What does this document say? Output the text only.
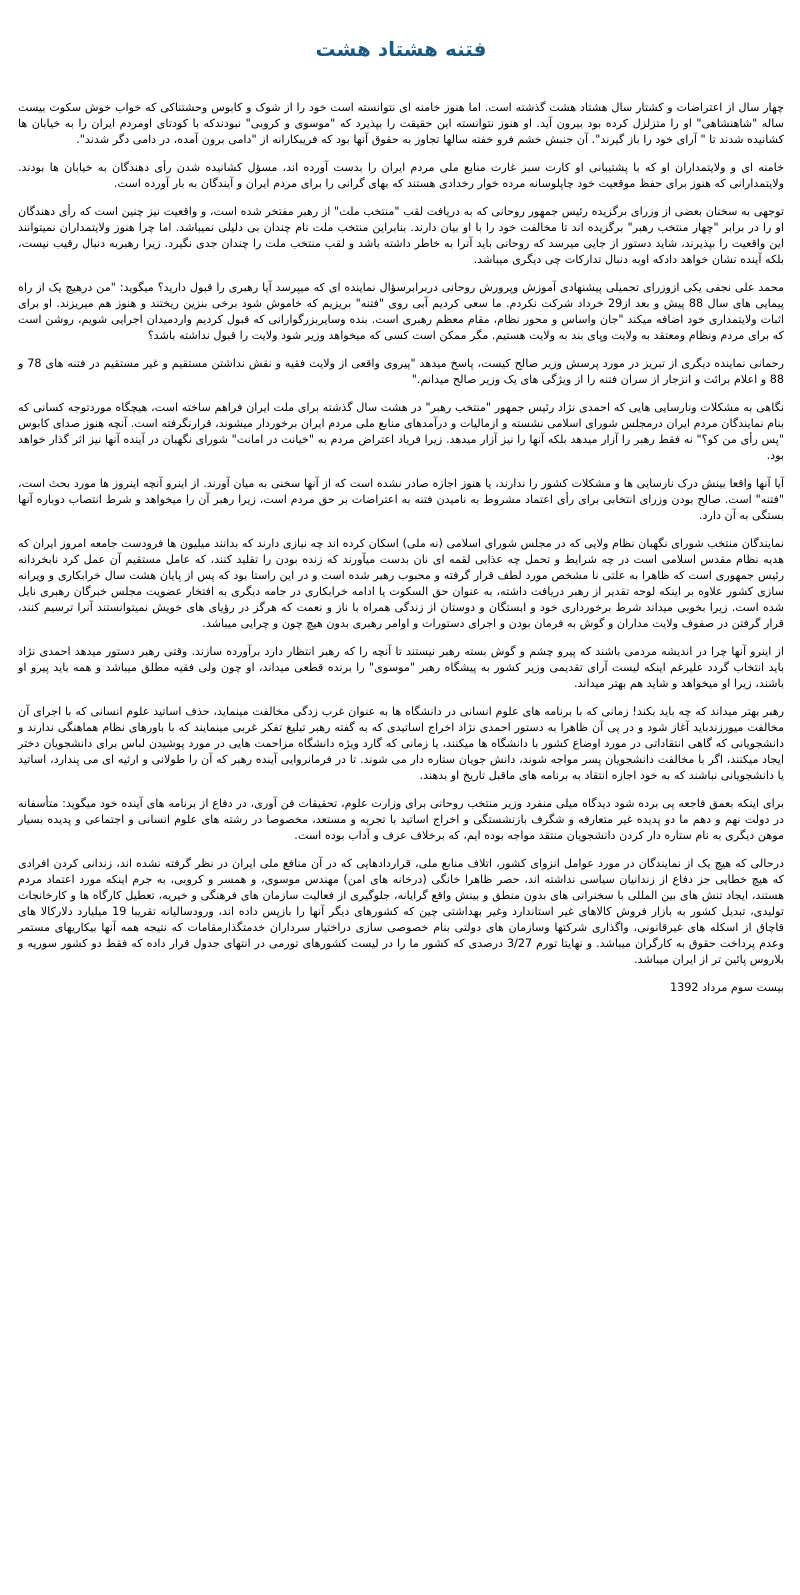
فتنه هشتاد هشت

چهار سال از اعتراضات و کشتار سال هشتاد هشت گذشته است. اما هنوز خامنه ای نتوانسته است خود را از شوک و کابوس وحشتناکی که خواب خوش سکوت بیست ساله "شاهنشاهی" او را متزلزل کرده بود بیرون آید. او هنوز نتوانسته این حقیقت را بپذیرد که "موسوی و کروبی" نبودندکه با کودتای اومردم ایران را به خیابان ها کشانیده شدند تا " آرای خود را باز گیرند". آن جنبش خشم فرو خفته سالها تجاوز به حقوق آنها بود که فریبکارانه از "دامی برون آمده، در دامی دگر شدند".

خامنه ای و ولایتمداران او که با پشتیبانی او کارت سبز غارت منابع ملی مردم ایران را بدست آورده اند، مسؤل کشانیده شدن رأی دهندگان به خیابان ها بودند. ولایتمدارانی که هنوز برای حفظ موقعیت خود چاپلوسانه مرده خوار رخدادی هستند که بهای گرانی را برای مردم ایران و آیندگان به بار آورده است.

توجهی به سخنان بعضی از وزرای برگزیده رئیس جمهور روحانی که به دریافت لقب "منتخب ملت" از رهبر مفتخر شده است، و واقعیت نیز چنین است که رأی دهندگان او را در برابر "چهار منتخب رهبر" برگزیده اند تا مخالفت خود را با او بیان دارند. بنابراین منتخب ملت نام چندان بی دلیلی نمیباشد. اما چرا هنوز ولایتمداران نمیتوانند این واقعیت را بپذیرند، شاید دستور از جایی میرسد که روحانی باید آنرا به خاطر داشته باشد و لقب منتخب ملت را چندان جدی نگیرد. زیرا رهبربه دنبال رقیب نیست، بلکه آینده نشان خواهد دادکه اوبه دنبال تدارکات چی دیگری میباشد.

محمد علی نجفی یکی ازوزرای تحمیلی پیشنهادی آموزش وپرورش روحانی دربرابرسؤال نماینده ای که میپرسد آیا رهبری را قبول دارید؟ میگوید: "من درهیچ یک از راه پیمایی های سال 88 پیش و بعد از29 خرداد شرکت نکردم. ما سعی کردیم آبی روی "فتنه" بریزیم که خاموش شود برخی بنزین ریختند و هنوز هم میریزند. او برای اثبات ولایتمداری خود اضافه میکند "جان واساس و محور نظام، مقام معظم رهبری است. بنده وسایربزرگوارانی که قبول کردیم واردمیدان اجرایی شویم، روشن است که برای مردم ونظام ومعتقد به ولایت وپای بند به ولایت هستیم. مگر ممکن است کسی که میخواهد وزیر شود ولایت را قبول نداشته باشد؟

رحمانی نماینده دیگری از تبریز در مورد پرسش وزیر صالح کیست، پاسخ میدهد "پیروی واقعی از ولایت فقیه و نقش نداشتن مستقیم و غیر مستقیم در فتنه های 78 و 88 و اعلام برائت و انزجار از سران فتنه را از ویژگی های یک وزیر صالح میدانم."

نگاهی به مشکلات ونارسایی هایی که احمدی نژاد رئیس جمهور "منتخب رهبر" در هشت سال گذشته برای ملت ایران فراهم ساخته است، هیچگاه موردتوجه کسانی که بنام نمایندگان مردم ایران درمجلس شورای اسلامی نشسته و ازمالیات و درآمدهای منابع ملی مردم ایران برخوردار میشوند، قرارنگرفته است. آنچه هنوز صدای کابوس "پس رأی من کو؟" نه فقط رهبر را آزار میدهد بلکه آنها را نیز آزار میدهد. زیرا فریاد اعتراض مردم به "خیانت در امانت" شورای نگهبان در آینده آنها نیز اثر گذار خواهد بود.

آیا آنها واقعا بینش درک نارسایی ها و مشکلات کشور را ندارند، یا هنوز اجازه صادر نشده است که از آنها سخنی به میان آورند. از اینرو آنچه اینروز ها مورد بحث است، "فتنه" است. صالح بودن وزرای انتخابی برای رأی اعتماد مشروط به نامیدن فتنه به اعتراضات بر حق مردم است، زیرا رهبر آن را میخواهد و شرط انتصاب دوباره آنها بستگی به آن دارد.

نمایندگان منتخب شورای نگهبان نظام ولایی که در مجلس شورای اسلامی (نه ملی) اسکان کرده اند چه نیازی دارند که بدانند میلیون ها فرودست جامعه امروز ایران که هدیه نظام مقدس اسلامی است در چه شرایط و تحمل چه عذابی لقمه ای نان بدست میآورند که زنده بودن را تقلید کنند، که عامل مستقیم آن عمل کرد نابخردانه رئیس جمهوری است که ظاهرا به علتی نا مشخص مورد لطف قرار گرفته و محبوب رهبر شده است و در این راستا بود که پس از پایان هشت سال خرابکاری و ویرانه سازی کشور علاوه بر اینکه لوحه تقدیر از رهبر دریافت داشته، به عنوان حق السکوت یا ادامه خرابکاری در جامه دیگری به افتخار عضویت مجلس خبرگان رهبری نایل شده است. زیرا بخوبی میداند شرط برخورداری خود و ابستگان و دوستان از زندگی همراه با ناز و نعمت که هرگز در رؤیای های خویش نمیتوانستند آنرا ترسیم کنند، قرار گرفتن در صفوف ولایت مداران و گوش به فرمان بودن و اجرای دستورات و اوامر رهبری بدون هیچ چون و چرایی میباشد.

از اینرو آنها چرا در اندیشه مردمی باشند که پیرو چشم و گوش بسته رهبر نیستند تا آنچه را که رهبر انتظار دارد برآورده سازند. وقتی رهبر دستور میدهد احمدی نژاد باید انتخاب گردد علیرغم اینکه لیست آرای تقدیمی وزیر کشور به پیشگاه رهبر "موسوی" را برنده قطعی میداند، او چون ولی فقیه مطلق میباشد و همه باید پیرو او باشند، زیرا او میخواهد و شاید هم بهتر میداند.

رهبر بهتر میداند که چه باید بکند! زمانی که با برنامه های علوم انسانی در دانشگاه ها به عنوان غرب زدگی مخالفت مینماید، حذف اساتید علوم انسانی که با اجرای آن مخالفت میورزندباید آغاز شود و در پی آن ظاهرا به دستور احمدی نژاد اخراج اساتیدی که به گفته رهبر تبلیغ تفکر غربی مینمایند که با باورهای نظام هماهنگی ندارند و دانشجویانی که گاهی انتقاداتی در مورد اوضاع کشور با دانشگاه ها میکنند، یا زمانی که گارد ویژه دانشگاه مزاحمت هایی در مورد پوشیدن لباس برای دانشجویان دختر ایجاد میکنند، اگر با مخالفت دانشجویان پسر مواجه شوند، دانش جویان ستاره دار می شوند. تا در فرمانروایی آینده رهبر که آن را طولانی و ارثیه ای می پندارد، اساتید یا دانشجویانی نباشند که به خود اجازه انتقاد به برنامه های ماقبل تاریخ او بدهند.

برای اینکه بعمق فاجعه پی برده شود دیدگاه میلی منفرد وزیر منتخب روحانی برای وزارت علوم، تحقیقات فن آوری، در دفاع از برنامه های آینده خود میگوید: متأسفانه در دولت نهم و دهم ما دو پدیده غیر متعارفه و شگرف بازنشستگی و اخراج اساتید با تجربه و مستعد، مخصوصا در رشته های علوم انسانی و اجتماعی و پدیده بسیار موهن دیگری به نام ستاره دار کردن دانشجویان منتقد مواجه بوده ایم، که برخلاف عرف و آداب بوده است.

درحالی که هیچ یک از نمایندگان در مورد عوامل انزوای کشور، اتلاف منابع ملی، قراردادهایی که در آن منافع ملی ایران در نظر گرفته نشده اند، زندانی کردن افرادی که هیچ خطایی جز دفاع از زندانیان سیاسی نداشته اند، حصر ظاهرا خانگی (درخانه های امن) مهندس موسوی، و همسر و کروبی، به جرم اینکه مورد اعتماد مردم هستند، ایجاد تنش های بین المللی با سخنرانی های بدون منطق و بینش واقع گرایانه، جلوگیری از فعالیت سازمان های فرهنگی و خیریه، تعطیل کارگاه ها و کارخانجات تولیدی، تبدیل کشور به بازار فروش کالاهای غیر استاندارد وغیر بهداشتی چین که کشورهای دیگر آنها را بازپس داده اند، ورودسالیانه تقریبا 19 میلیارد دلارکالا های قاچاق از اسکله های غیرقانونی، واگذاری شرکتها وسازمان های دولتی بنام خصوصی سازی دراختیار سرداران خدمتگذارمقامات که نتیجه همه آنها بیکاریهای مستمر وعدم پرداخت حقوق به کارگران میباشد. و نهایتا تورم 3/27 درصدی که کشور ما را در لیست کشورهای تورمی در انتهای جدول قرار داده که فقط دو کشور سوریه و بلاروس پائین تر از ایران میباشد.

بیست سوم مرداد 1392
